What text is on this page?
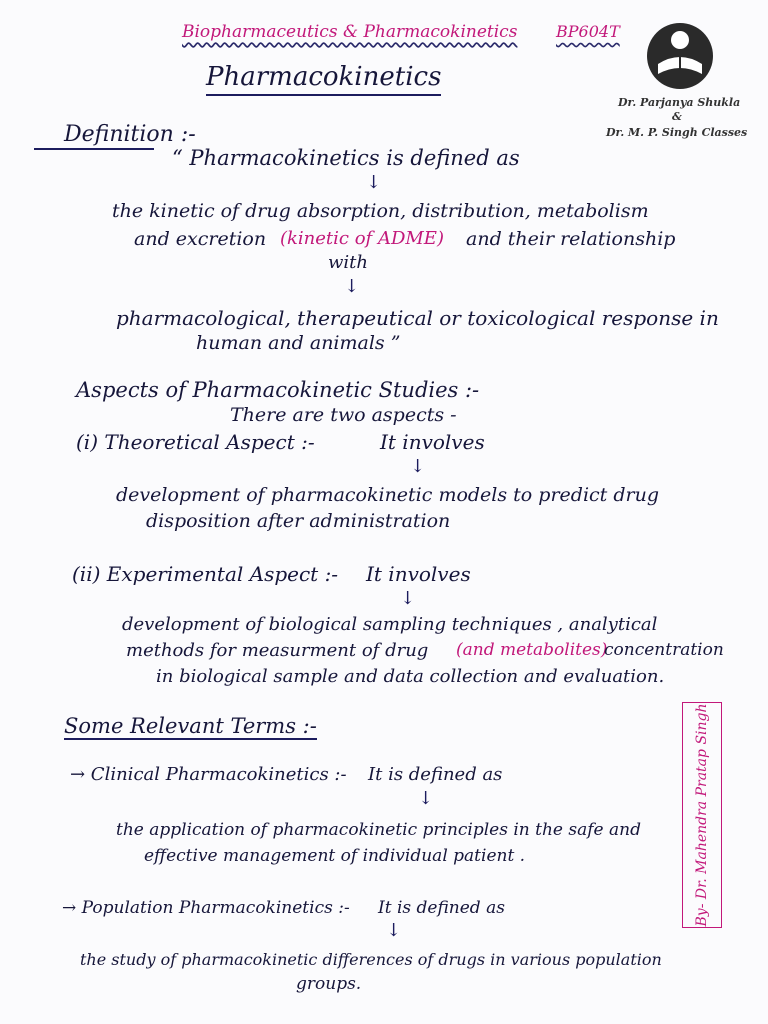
Biopharmaceutics & Pharmacokinetics BP604T
Pharmacokinetics
Dr. Parjanya Shukla
&
Dr. M. P. Singh Classes
Definition :-
“ Pharmacokinetics is defined as
↓
the kinetic of drug absorption, distribution, metabolism
and excretion (kinetic of ADME) and their relationship
with
↓
pharmacological, therapeutical or toxicological response in
human and animals ”
Aspects of Pharmacokinetic Studies :-
There are two aspects -
(i) Theoretical Aspect :-	It involves
↓
development of pharmacokinetic models to predict drug
disposition after administration
(ii) Experimental Aspect :- It involves
↓
development of biological sampling techniques , analytical
methods for measurment of drug (and metabolites)
concentration
in biological sample and data collection and evaluation.
Some Relevant Terms :-
→ Clinical Pharmacokinetics :- It is defined as
↓
the application of pharmacokinetic principles in the safe and
effective management of individual patient .
→ Population Pharmacokinetics :- It is defined as
↓
the study of pharmacokinetic differences of drugs in various population
groups.
By- Dr. Mahendra Pratap Singh
